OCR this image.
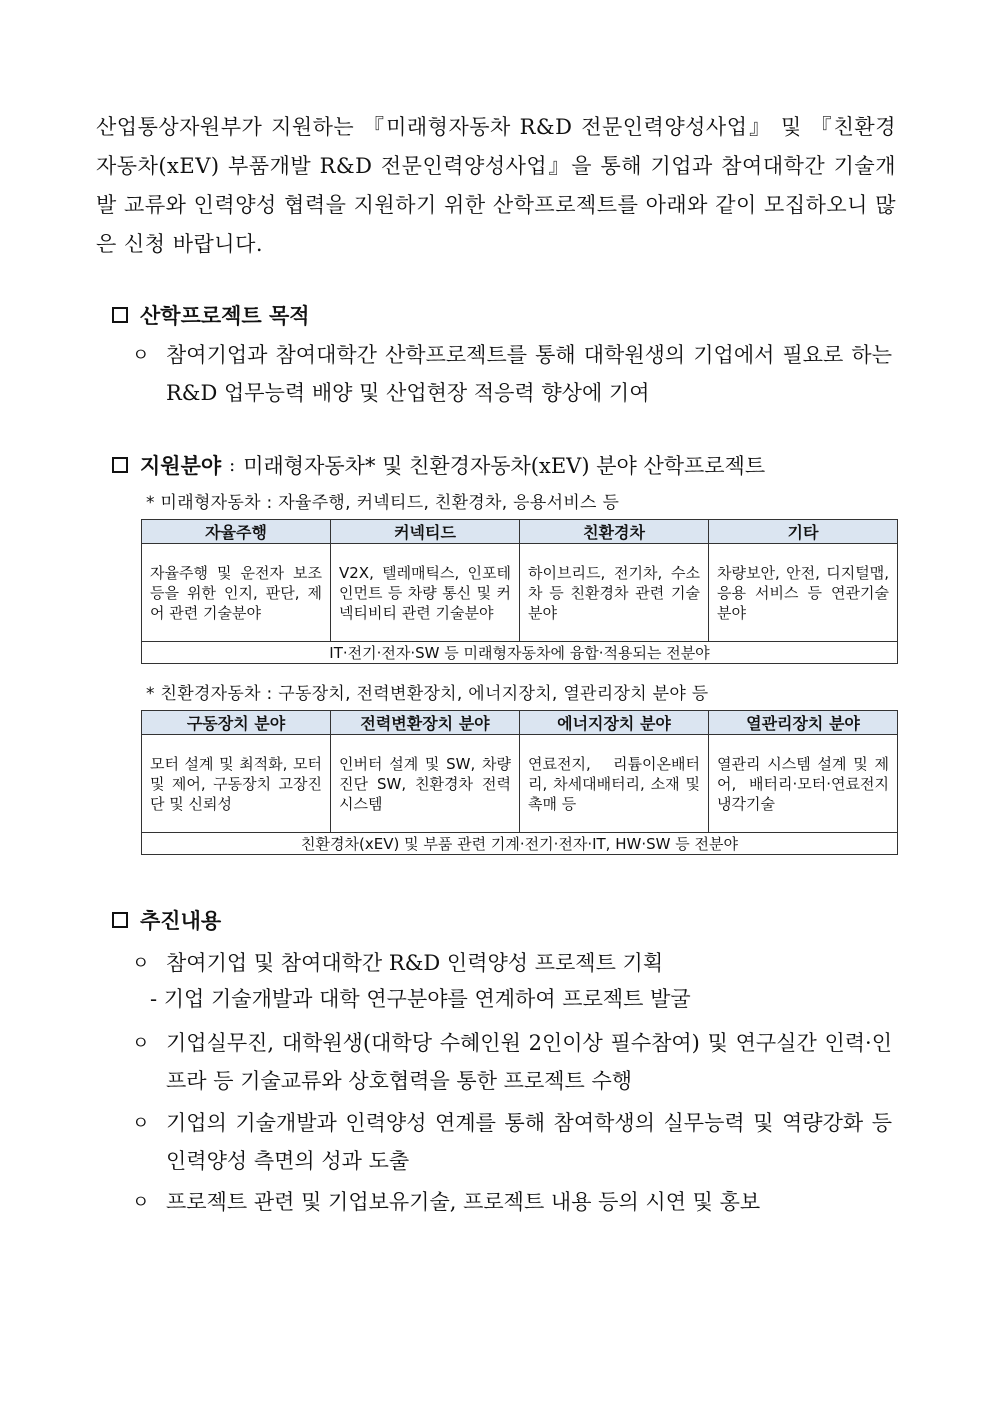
산업통상자원부가 지원하는 『미래형자동차 R&D 전문인력양성사업』 및 『친환경자동차(xEV) 부품개발 R&D 전문인력양성사업』을 통해 기업과 참여대학간 기술개발 교류와 인력양성 협력을 지원하기 위한 산학프로젝트를 아래와 같이 모집하오니 많은 신청 바랍니다.
산학프로젝트 목적
ㅇ 참여기업과 참여대학간 산학프로젝트를 통해 대학원생의 기업에서 필요로 하는 R&D 업무능력 배양 및 산업현장 적응력 향상에 기여
지원분야 : 미래형자동차* 및 친환경자동차(xEV) 분야 산학프로젝트
* 미래형자동차 : 자율주행, 커넥티드, 친환경차, 응용서비스 등
자율주행	커넥티드	친환경차	기타
자율주행 및 운전자 보조 등을 위한 인지, 판단, 제어 관련 기술분야	V2X, 텔레매틱스, 인포테인먼트 등 차량 통신 및 커넥티비티 관련 기술분야	하이브리드, 전기차, 수소차 등 친환경차 관련 기술분야	차량보안, 안전, 디지털맵, 응용 서비스 등 연관기술 분야
IT·전기·전자·SW 등 미래형자동차에 융합·적용되는 전분야			
* 친환경자동차 : 구동장치, 전력변환장치, 에너지장치, 열관리장치 분야 등
구동장치 분야	전력변환장치 분야	에너지장치 분야	열관리장치 분야
모터 설계 및 최적화, 모터 및 제어, 구동장치 고장진단 및 신뢰성	인버터 설계 및 SW, 차량진단 SW, 친환경차 전력시스템	연료전지, 리튬이온배터리, 차세대배터리, 소재 및 촉매 등	열관리 시스템 설계 및 제어, 배터리·모터·연료전지 냉각기술
친환경차(xEV) 및 부품 관련 기계·전기·전자·IT, HW·SW 등 전분야			
추진내용
ㅇ 참여기업 및 참여대학간 R&D 인력양성 프로젝트 기획
- 기업 기술개발과 대학 연구분야를 연계하여 프로젝트 발굴
ㅇ 기업실무진, 대학원생(대학당 수혜인원 2인이상 필수참여) 및 연구실간 인력·인프라 등 기술교류와 상호협력을 통한 프로젝트 수행
ㅇ 기업의 기술개발과 인력양성 연계를 통해 참여학생의 실무능력 및 역량강화 등 인력양성 측면의 성과 도출
ㅇ 프로젝트 관련 및 기업보유기술, 프로젝트 내용 등의 시연 및 홍보
